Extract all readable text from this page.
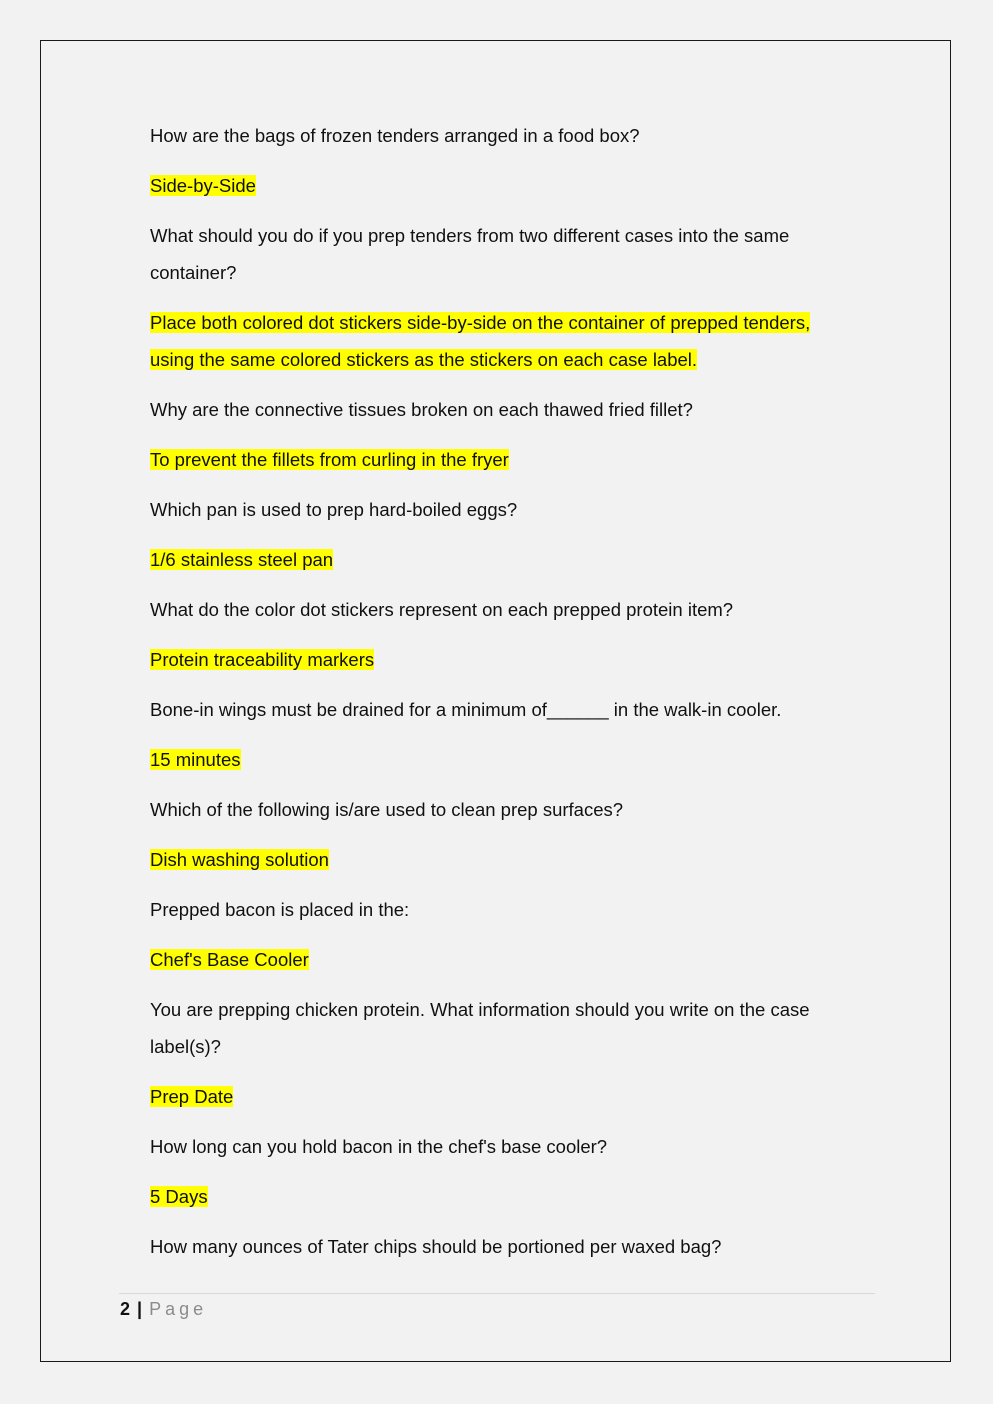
How are the bags of frozen tenders arranged in a food box?

Side-by-Side

What should you do if you prep tenders from two different cases into the same container?

Place both colored dot stickers side-by-side on the container of prepped tenders, using the same colored stickers as the stickers on each case label.

Why are the connective tissues broken on each thawed fried fillet?

To prevent the fillets from curling in the fryer

Which pan is used to prep hard-boiled eggs?

1/6 stainless steel pan

What do the color dot stickers represent on each prepped protein item?

Protein traceability markers

Bone-in wings must be drained for a minimum of______ in the walk-in cooler.

15 minutes

Which of the following is/are used to clean prep surfaces?

Dish washing solution

Prepped bacon is placed in the:

Chef's Base Cooler

You are prepping chicken protein. What information should you write on the case label(s)?

Prep Date

How long can you hold bacon in the chef's base cooler?

5 Days

How many ounces of Tater chips should be portioned per waxed bag?

2 | Page
